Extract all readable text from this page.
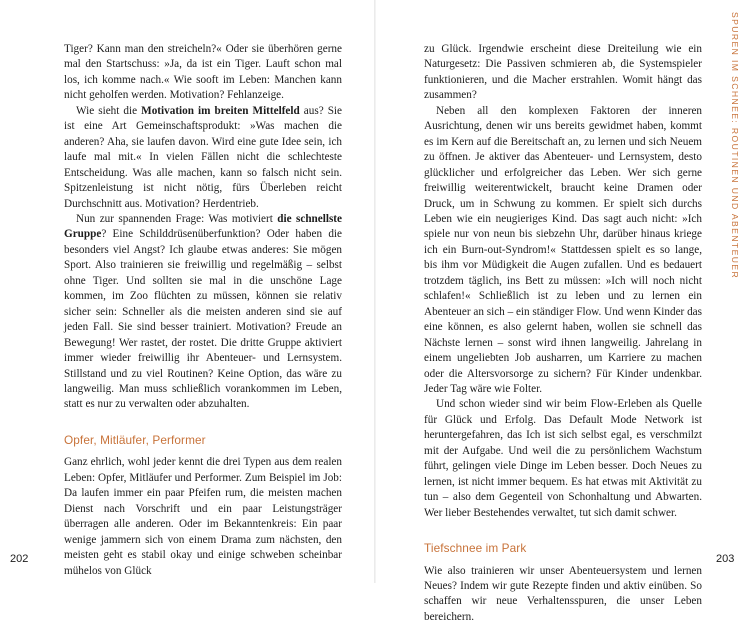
Tiger? Kann man den streicheln?« Oder sie überhören gerne mal den Startschuss: »Ja, da ist ein Tiger. Lauft schon mal los, ich komme nach.« Wie sooft im Leben: Manchen kann nicht geholfen werden. Motivation? Fehlanzeige.

Wie sieht die Motivation im breiten Mittelfeld aus? Sie ist eine Art Gemeinschaftsprodukt: »Was machen die anderen? Aha, sie laufen davon. Wird eine gute Idee sein, ich laufe mal mit.« In vielen Fällen nicht die schlechteste Entscheidung. Was alle machen, kann so falsch nicht sein. Spitzenleistung ist nicht nötig, fürs Überleben reicht Durchschnitt aus. Motivation? Herdentrieb.

Nun zur spannenden Frage: Was motiviert die schnellste Gruppe? Eine Schilddrüsenüberfunktion? Oder haben die besonders viel Angst? Ich glaube etwas anderes: Sie mögen Sport. Also trainieren sie freiwillig und regelmäßig – selbst ohne Tiger. Und sollten sie mal in die unschöne Lage kommen, im Zoo flüchten zu müssen, können sie relativ sicher sein: Schneller als die meisten anderen sind sie auf jeden Fall. Sie sind besser trainiert. Motivation? Freude an Bewegung! Wer rastet, der rostet. Die dritte Gruppe aktiviert immer wieder freiwillig ihr Abenteuer- und Lernsystem. Stillstand und zu viel Routinen? Keine Option, das wäre zu langweilig. Man muss schließlich vorankommen im Leben, statt es nur zu verwalten oder abzuhalten.

Opfer, Mitläufer, Performer

Ganz ehrlich, wohl jeder kennt die drei Typen aus dem realen Leben: Opfer, Mitläufer und Performer. Zum Beispiel im Job: Da laufen immer ein paar Pfeifen rum, die meisten machen Dienst nach Vorschrift und ein paar Leistungsträger überragen alle anderen. Oder im Bekanntenkreis: Ein paar wenige jammern sich von einem Drama zum nächsten, den meisten geht es stabil okay und einige schweben scheinbar mühelos von Glück

zu Glück. Irgendwie erscheint diese Dreiteilung wie ein Naturgesetz: Die Passiven schmieren ab, die Systemspieler funktionieren, und die Macher erstrahlen. Womit hängt das zusammen?

Neben all den komplexen Faktoren der inneren Ausrichtung, denen wir uns bereits gewidmet haben, kommt es im Kern auf die Bereitschaft an, zu lernen und sich Neuem zu öffnen. Je aktiver das Abenteuer- und Lernsystem, desto glücklicher und erfolgreicher das Leben. Wer sich gerne freiwillig weiterentwickelt, braucht keine Dramen oder Druck, um in Schwung zu kommen. Er spielt sich durchs Leben wie ein neugieriges Kind. Das sagt auch nicht: »Ich spiele nur von neun bis siebzehn Uhr, darüber hinaus kriege ich ein Burn-out-Syndrom!« Stattdessen spielt es so lange, bis ihm vor Müdigkeit die Augen zufallen. Und es bedauert trotzdem täglich, ins Bett zu müssen: »Ich will noch nicht schlafen!« Schließlich ist zu leben und zu lernen ein Abenteuer an sich – ein ständiger Flow. Und wenn Kinder das eine können, es also gelernt haben, wollen sie schnell das Nächste lernen – sonst wird ihnen langweilig. Jahrelang in einem ungeliebten Job ausharren, um Karriere zu machen oder die Altersvorsorge zu sichern? Für Kinder undenkbar. Jeder Tag wäre wie Folter.

Und schon wieder sind wir beim Flow-Erleben als Quelle für Glück und Erfolg. Das Default Mode Network ist heruntergefahren, das Ich ist sich selbst egal, es verschmilzt mit der Aufgabe. Und weil die zu persönlichem Wachstum führt, gelingen viele Dinge im Leben besser. Doch Neues zu lernen, ist nicht immer bequem. Es hat etwas mit Aktivität zu tun – also dem Gegenteil von Schonhaltung und Abwarten. Wer lieber Bestehendes verwaltet, tut sich damit schwer.

Tiefschnee im Park

Wie also trainieren wir unser Abenteuersystem und lernen Neues? Indem wir gute Rezepte finden und aktiv einüben. So schaffen wir neue Verhaltensspuren, die unser Leben bereichern.

202	203
SPUREN IM SCHNEE: ROUTINEN UND ABENTEUER
